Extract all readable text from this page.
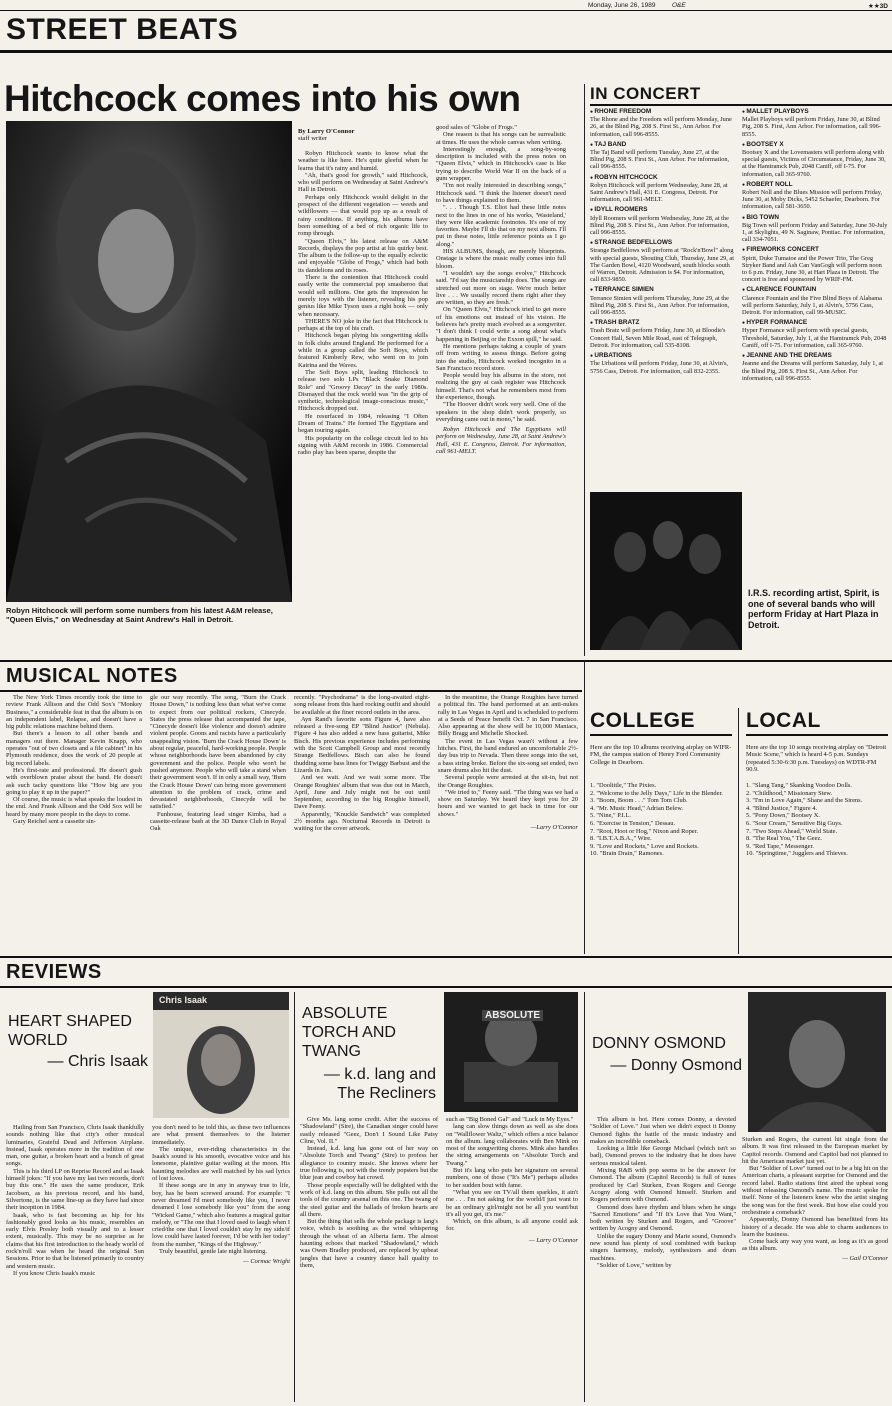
Monday, June 26, 1989	O&E	★★3D
STREET BEATS
Hitchcock comes into his own
Robyn Hitchcock will perform some numbers from his latest A&M release, "Queen Elvis," on Wednesday at Saint Andrew's Hall in Detroit.
By Larry O'Connor
staff writer

Robyn Hitchcock wants to know what the weather is like here. He's quite gleeful when he learns that it's rainy and humid.

"Ah, that's good for growth," said Hitchcock, who will perform on Wednesday at Saint Andrew's Hall in Detroit.

Perhaps only Hitchcock would delight in the prospect of the different vegetation — weeds and wildflowers — that would pop up as a result of rainy conditions. If anything, his albums have been something of a bed of rich organic life to romp through.

"Queen Elvis," his latest release on A&M Records, displays the pop artist at his quirky best. The album is the follow-up to the equally eclectic and enjoyable "Globe of Frogs," which had both its dandelions and its roses.

There is the contention that Hitchcock could easily write the commercial pop smasheroo that would sell millions. One gets the impression he merely toys with the listener, revealing his pop genius like Mike Tyson uses a right hook — only when necessary.

THERE'S NO joke in the fact that Hitchcock is perhaps at the top of his craft.

Hitchcock began plying his songwriting skills in folk clubs around England. He performed for a while in a group called the Soft Boys, which featured Kimberly Rew, who went on to join Katrina and the Waves.

The Soft Boys split, leading Hitchcock to release two solo LPs "Black Snake Diamond Role" and "Groovy Decay" in the early 1980s. Dismayed that the rock world was "in the grip of synthetic, technological image-conscious music," Hitchcock dropped out.

He resurfaced in 1984, releasing "I Often Dream of Trains." He formed The Egyptians and began touring again.

His popularity on the college circuit led to his signing with A&M records in 1986. Commercial radio play has been sparse, despite the

good sales of "Globe of Frogs."

One reason is that his songs can be surrealistic at times. He uses the whole canvas when writing.

Interestingly enough, a song-by-song description is included with the press notes on "Queen Elvis," which in Hitchcock's case is like trying to describe World War II on the back of a gum wrapper.

"I'm not really interested in describing songs," Hitchcock said. "I think the listener doesn't need to have things explained to them.

". . . Though T.S. Eliot had these little notes next to the lines in one of his works, 'Wasteland,' they were like academic footnotes. It's one of my favorites. Maybe I'll do that on my next album. I'll put in these notes, little reference points as I go along."

HIS ALBUMS, though, are merely blueprints. Onstage is where the music really comes into full bloom.

"I wouldn't say the songs evolve," Hitchcock said. "I'd say the musicianship does. The songs are stretched out more on stage. We're much better live . . . We usually record them right after they are written, so they are fresh."

On "Queen Elvis," Hitchcock tried to get more of his emotions out instead of his vision. He believes he's pretty much evolved as a songwriter. "I don't think I could write a song about what's happening in Beijing or the Exxon spill," he said.

He mentions perhaps taking a couple of years off from writing to assess things. Before going into the studio, Hitchcock worked incognito in a San Francisco record store.

People would buy his albums in the store, not realizing the guy at cash register was Hitchcock himself. That's not what he remembers most from the experience, though.

"The Hoover didn't work very well. One of the speakers in the shop didn't work properly, so everything came out in mono," he said.

Robyn Hitchcock and The Egyptians will perform on Wednesday, June 28, at Saint Andrew's Hall, 431 E. Congress, Detroit. For information, call 961-MELT.

IN CONCERT
● RHONE FREEDOM
The Rhone and the Freedom will perform Monday, June 26, at the Blind Pig, 208 S. First St., Ann Arbor. For information, call 996-8555.
● TAJ BAND
The Taj Band will perform Tuesday, June 27, at the Blind Pig, 208 S. First St., Ann Arbor. For information, call 996-8555.
● ROBYN HITCHCOCK
Robyn Hitchcock will perform Wednesday, June 28, at Saint Andrew's Hall, 431 E. Congress, Detroit. For information, call 961-MELT.
● IDYLL ROOMERS
Idyll Roomers will perform Wednesday, June 28, at the Blind Pig, 208 S. First St., Ann Arbor. For information, call 996-8555.
● STRANGE BEDFELLOWS
Strange Bedfellows will perform at "Rock'n'Bowl" along with special guests, Shouting Club, Thursday, June 29, at The Garden Bowl, 4120 Woodward, south blocks south of Warren, Detroit. Admission is $4. For information, call 833-9850.
● TERRANCE SIMIEN
Terrance Simien will perform Thursday, June 29, at the Blind Pig, 208 S. First St., Ann Arbor. For information, call 996-8555.
● TRASH BRATZ
Trash Bratz will perform Friday, June 30, at Bloodie's Concert Hall, Seven Mile Road, east of Telegraph, Detroit. For information, call 535-8108.
● URBATIONS
The Urbations will perform Friday, June 30, at Alvin's, 5756 Cass, Detroit. For information, call 832-2355.
● MALLET PLAYBOYS
Mallet Playboys will perform Friday, June 30, at Blind Pig, 208 S. First, Ann Arbor. For information, call 996-8555.
● BOOTSEY X
Bootsey X and the Lovemasters will perform along with special guests, Victims of Circumstance, Friday, June 30, at the Hamtramck Pub, 2048 Caniff, off I-75. For information, call 365-9760.
● ROBERT NOLL
Robert Noll and the Blues Mission will perform Friday, June 30, at Moby Dicks, 5452 Schaefer, Dearborn. For information, call 581-3650.
● BIG TOWN
Big Town will perform Friday and Saturday, June 30-July 1, at Skylights, 49 N. Saginaw, Pontiac. For information, call 334-7051.
● FIREWORKS CONCERT
Spirit, Duke Tumatoe and the Power Trio, The Greg Stryker Band and Ash Can VanGogh will perform noon to 6 p.m. Friday, June 30, at Hart Plaza in Detroit. The concert is free and sponsored by WRIF-FM.
● CLARENCE FOUNTAIN
Clarence Fountain and the Five Blind Boys of Alabama will perform Saturday, July 1, at Alvin's, 5756 Cass, Detroit. For information, call 99-MUSIC.
● HYPER FORMANCE
Hyper Formance will perform with special guests, Threshold, Saturday, July 1, at the Hamtramck Pub, 2048 Caniff, off I-75. For information, call 365-9760.
● JEANNE AND THE DREAMS
Jeanne and the Dreams will perform Saturday, July 1, at the Blind Pig, 208 S. First St., Ann Arbor. For information, call 996-8555.
I.R.S. recording artist, Spirit, is one of several bands who will perform Friday at Hart Plaza in Detroit.
MUSICAL NOTES

The New York Times recently took the time to review Frank Allison and the Odd Sox's "Monkey Business," a considerable feat in that the album is on an independent label, Relapse, and doesn't have a big public relations machine behind them.

But there's a lesson to all other bands and managers out there. Manager Kevin Knapp, who operates "out of two closets and a file cabinet" in his Plymouth residence, does the work of 20 people at big record labels.

He's first-rate and professional. He doesn't gush with overblown praise about the band. He doesn't ask such tacky questions like "How big are you going to play it up in the paper?"

Of course, the music is what speaks the loudest in the end. And Frank Allison and the Odd Sox will be heard by many more people in the days to come.

Gary Reichel sent a cassette sin-

gle our way recently. The song, "Burn the Crack House Down," is nothing less than what we've come to expect from our political rockers, Cinecyde. States the press release that accompanied the tape, "Cinecyde doesn't like violence and doesn't admire violent people. Goons and racists have a particularly unappealing vision. 'Burn the Crack House Down' is about regular, peaceful, hard-working people. People whose neighborhoods have been abandoned by city government and the police. People who won't be pushed anymore. People who will take a stand when their government won't. If in only a small way, 'Burn the Crack House Down' can bring more government attention to the problem of crack, crime and devastated neighborhoods, Cinecyde will be satisfied."

Funhouse, featuring lead singer Kimba, had a cassette-release bash at the 3D Dance Club in Royal Oak

recently. "Psychodrama" is the long-awaited eight-song release from this hard rocking outfit and should be available at the finer record outlets in the area.

Ayn Rand's favorite sons Figure 4, have also released a five-song EP "Blind Justice" (Nebula). Figure 4 has also added a new bass guitarist, Mike Bisch. His previous experience includes performing with the Scott Campbell Group and most recently Strange Bedfellows. Bisch can also be found thudding some bass lines for Twiggy Barbust and the Lizards in Jars.

And we wait. And we wait some more. The Orange Roughies' album that was due out in March, April, June and July might not be out until September, according to the big Roughie himself, Dave Feeny.

Apparently, "Knuckle Sandwich" was completed 2½ months ago. Nocturnal Records in Detroit is waiting for the cover artwork.

In the meantime, the Orange Roughies have turned a political fin. The band performed at an anti-nukes rally in Las Vegas in April and is scheduled to perform at a Seeds of Peace benefit Oct. 7 in San Francisco. Also appearing at the show will be 10,000 Maniacs, Billy Bragg and Michelle Shocked.

The event in Las Vegas wasn't without a few hitches. First, the band endured an uncomfortable 2½-day bus trip to Nevada. Then three songs into the set, a bass string broke. Before the six-song set ended, two snare drums also hit the dust.

Several people were arrested at the sit-in, but not the Orange Roughies.

"We tried to," Feeny said. "The thing was we had a show on Saturday. We heard they kept you for 20 hours and we wanted to get back in time for our shows."

—Larry O'Connor

COLLEGE
Here are the top 10 albums receiving airplay on WIFR-FM, the campus station of Henry Ford Community College in Dearborn.
1. "Doolittle," The Pixies.
2. "Welcome to the Jelly Days," Life in the Blender.
3. "Boom, Boom . . ." Tom Tom Club.
4. "Mr. Music Head," Adrian Belew.
5. "Nine," P.I.L.
6. "Exercise in Tension," Dessau.
7. "Root, Hoot or Hog," Nixon and Roper.
8. "I.B.T.A.B.A.," Wire.
9. "Love and Rockets," Love and Rockets.
10. "Brain Drain," Ramones.
LOCAL
Here are the top 10 songs receiving airplay on "Detroit Music Scene," which is heard 4-5 p.m. Sundays (repeated 5:30-6:30 p.m. Tuesdays) on WDTR-FM 90.9.
1. "Slang Tang," Skanking Voodoo Dolls.
2. "Childhood," Missionary Stew.
3. "I'm in Love Again," Shane and the Sirens.
4. "Blind Justice," Figure 4.
5. "Pony Down," Bootsey X.
6. "Sour Cream," Sensitive Big Guys.
7. "Two Steps Ahead," World State.
8. "The Real You," The Geez.
9. "Red Tape," Messenger.
10. "Springtime," Jugglers and Thieves.
REVIEWS
HEART SHAPED WORLD
— Chris Isaak
Chris Isaak

Hailing from San Francisco, Chris Isaak thankfully sounds nothing like that city's other musical luminaries, Grateful Dead and Jefferson Airplane. Instead, Isaak operates more in the tradition of one man, one guitar, a broken heart and a bunch of great songs.

This is his third LP on Reprise Record and as Isaak himself jokes: "If you have my last two records, don't buy this one." He uses the same producer, Erik Jacobsen, as his previous record, and his band, Silvertone, is the same line-up as they have had since their inception in 1984.

Isaak, who is fast becoming as hip for his fashionably good looks as his music, resembles an early Elvis Presley both visually and to a lesser extent, musically. This may be no surprise as he claims that his first introduction to the heady world of rock'n'roll was when he heard the original Sun Sessions. Prior to that he listened primarily to country and western music.

If you know Chris Isaak's music

you don't need to be told this, as these two influences are what present themselves to the listener immediately.

The unique, ever-riding characteristics in the Isaak's sound is his smooth, evocative voice and his lonesome, plaintive guitar wailing at the moon. His haunting melodies are well matched by his sad lyrics of lost loves.

If these songs are in any in anyway true to life, boy, has he been screwed around. For example: "I never dreamed I'd meet somebody like you, I never dreamed I lose somebody like you" from the song "Wicked Game," which also features a magical guitar melody, or "The one that I loved used to laugh when I cried/the one that I loved couldn't stay by my side/if love could have lasted forever, I'd be with her today" from the number, "Kings of the Highway."

Truly beautiful, gentle late night listening.

— Cormac Wright

ABSOLUTE TORCH AND TWANG
— k.d. lang and The Recliners
ABSOLUTE

Give Ms. lang some credit. After the success of "Shadowland" (Sire), the Canadian singer could have easily released "Geez, Don't I Sound Like Patsy Cline, Vol. II."

Instead, k.d. lang has gone out of her way on "Absolute Torch and Twang" (Sire) to profess her allegiance to country music. She knows where her true following is, not with the trendy popsters but the blue jean and cowboy hat crowd.

Those people especially will be delighted with the work of k.d. lang on this album. She pulls out all the tools of the country arsenal on this one. The twang of the steel guitar and the ballads of broken hearts are all there.

But the thing that sells the whole package is lang's voice, which is soothing as the wind whispering through the wheat of an Alberta farm. The almost haunting echoes that marked "Shadowland," which was Owen Bradley produced, are replaced by upbeat jangles that have a country dance hall quality to them,

such as "Big Boned Gal" and "Luck in My Eyes."

lang can slow things down as well as she does on "Wallflower Waltz," which offers a nice balance on the album. lang collaborates with Ben Mink on most of the songwriting chores. Mink also handles the string arrangements on "Absolute Torch and Twang."

But it's lang who puts her signature on several numbers, one of those ("It's Me") perhaps alludes to her sudden bout with fame.

"What you see on TV/all them sparkles, it ain't me . . . I'm not asking for the world/I just want to be an ordinary girl/might not be all you want/but it's all you get, it's me."

Which, on this album, is all anyone could ask for.

— Larry O'Connor

DONNY OSMOND
— Donny Osmond

This album is hot. Here comes Donny, a devoted "Soldier of Love." Just when we didn't expect it Donny Osmond fights the battle of the music industry and makes an incredible comeback.

Looking a little like George Michael (which isn't so bad), Osmond proves to the industry that he does have serious musical talent.

Mixing R&B with pop seems to be the answer for Osmond. The album (Capitol Records) is full of tunes produced by Carl Sturken, Evan Rogers and George Acogny along with Osmond himself. Sturken and Rogers perform with Osmond.

Osmond does have rhythm and blues when he sings "Sacred Emotions" and "If It's Love that You Want," both written by Sturken and Rogers, and "Groove" written by Acogny and Osmond.

Unlike the sugary Donny and Marie sound, Osmond's new sound has plenty of soul combined with backup singers harmony, melody, synthesizers and drum machines.

"Soldier of Love," written by

Sturken and Rogers, the current hit single from the album. It was first released in the European market by Capitol records. Osmond and Capitol had not planned to hit the American market just yet.

But "Soldier of Love" turned out to be a big hit on the American charts, a pleasant surprise for Osmond and the record label. Radio stations first aired the upbeat song without releasing Osmond's name. The music spoke for itself. None of the listeners knew who the artist singing the song was for the first week. But how else could you orchestrate a comeback?

Apparently, Donny Osmond has benefitted from his history of a decade. He was able to charm audiences to learn the business.

Come back any way you want, as long as it's as good as this album.

— Gail O'Connor
